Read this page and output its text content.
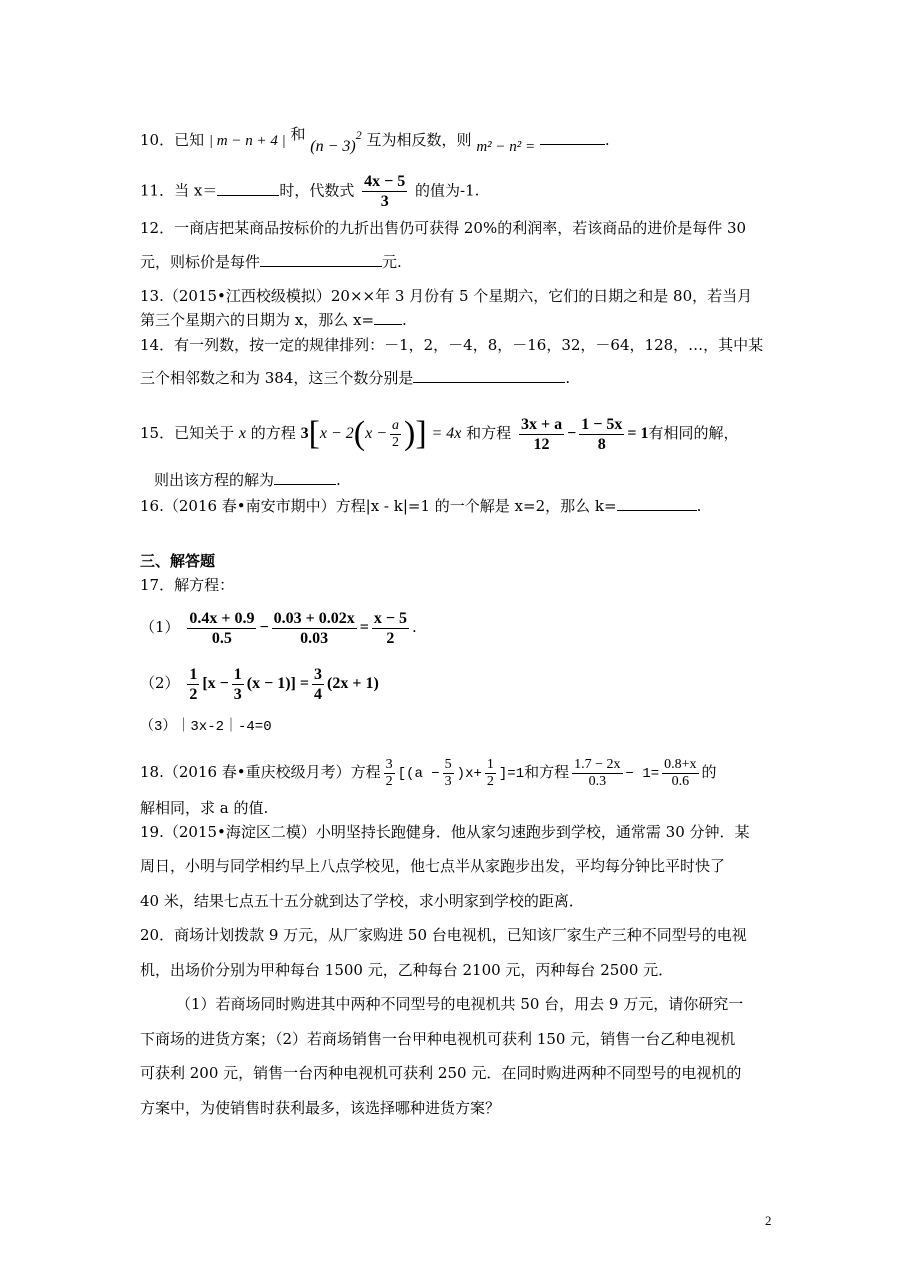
10．已知 | m − n + 4 | 和 $(n - 3)^2$ 互为相反数，则 m² − n² =	.
11．当 x＝	时，代数式 $\frac{4x - 5}{3}$ 的值为-1.
12．一商店把某商品按标价的九折出售仍可获得 20%的利润率，若该商品的进价是每件 30
元，则标价是每件	元.
13.（2015•江西校级模拟）20××年 3 月份有 5 个星期六，它们的日期之和是 80，若当月
第三个星期六的日期为 x，那么 x= .
14．有一列数，按一定的规律排列：－1，2，－4，8，－16，32，－64，128，…，其中某
三个相邻数之和为 384，这三个数分别是	.
15．已知关于 x 的方程 $3[x - 2(x - \frac{a}{2}$ )] = 4x 和方程 $\frac{3x + a}{12} - \frac{1 - 5x}{8} = 1$有相同的解，
则出该方程的解为	.
16.（2016 春•南安市期中）方程|x - k|=1 的一个解是 x=2，那么 k=	.
三、解答题
17．解方程：
$(1) \frac{0.4x + 0.9}{0.5} - \frac{0.03 + 0.02x}{0.03} = \frac{x - 5}{2}$ .
$(2) \frac{1}{2} [x - \frac{1}{3} (x - 1)] = \frac{3}{4} (2x + 1)$
（3）｜3x-2｜-4=0
18.（2016 春•重庆校级月考）方程 $\frac{3}{2} [(a - \frac{5}{3} )x+ \frac{1}{2} ]=1$和方程 $\frac{1.7 - 2x}{0.3} - 1= \frac{0.8+x}{0.6}$ 的
解相同，求 a 的值.
19.（2015•海淀区二模）小明坚持长跑健身．他从家匀速跑步到学校，通常需 30 分钟．某
周日，小明与同学相约早上八点学校见，他七点半从家跑步出发，平均每分钟比平时快了
40 米，结果七点五十五分就到达了学校，求小明家到学校的距离．
20．商场计划拨款 9 万元，从厂家购进 50 台电视机，已知该厂家生产三种不同型号的电视
机，出场价分别为甲种每台 1500 元，乙种每台 2100 元，丙种每台 2500 元．
（1）若商场同时购进其中两种不同型号的电视机共 50 台，用去 9 万元，请你研究一
下商场的进货方案；（2）若商场销售一台甲种电视机可获利 150 元，销售一台乙种电视机
可获利 200 元，销售一台丙种电视机可获利 250 元．在同时购进两种不同型号的电视机的
方案中，为使销售时获利最多，该选择哪种进货方案？
2
